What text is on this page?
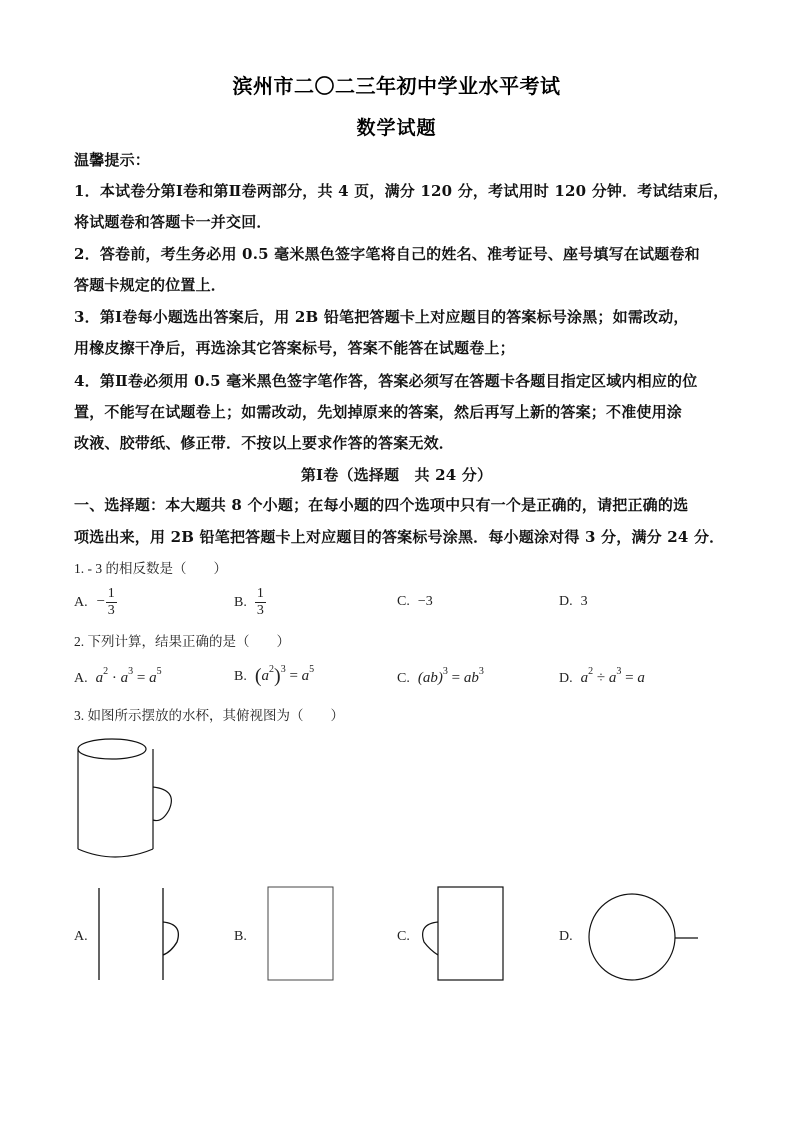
滨州市二〇二三年初中学业水平考试
数学试题
温馨提示：
1．本试卷分第Ⅰ卷和第Ⅱ卷两部分，共 4 页，满分 120 分，考试用时 120 分钟．考试结束后，
将试题卷和答题卡一并交回．
2．答卷前，考生务必用 0.5 毫米黑色签字笔将自己的姓名、准考证号、座号填写在试题卷和
答题卡规定的位置上．
3．第Ⅰ卷每小题选出答案后，用 2B 铅笔把答题卡上对应题目的答案标号涂黑；如需改动，
用橡皮擦干净后，再选涂其它答案标号，答案不能答在试题卷上；
4．第Ⅱ卷必须用 0.5 毫米黑色签字笔作答，答案必须写在答题卡各题目指定区域内相应的位
置，不能写在试题卷上；如需改动，先划掉原来的答案，然后再写上新的答案；不准使用涂
改液、胶带纸、修正带．不按以上要求作答的答案无效．
第Ⅰ卷（选择题　共 24 分）
一、选择题：本大题共 8 个小题；在每小题的四个选项中只有一个是正确的，请把正确的选
项选出来，用 2B 铅笔把答题卡上对应题目的答案标号涂黑．每小题涂对得 3 分，满分 24 分．
1. - 3 的相反数是（　　）
A. − $\frac{1}{3}$	B. $\frac{1}{3}$	C. −3	D. 3
2. 下列计算，结果正确的是（　　）
A. $a^2 \cdot a^3 = a^5$	B. $(a^2)^3 = a^5$
C. $(ab)^3 = ab^3$	D. $a^2 \div a^3 = a$
3. 如图所示摆放的水杯，其俯视图为（　　）
A.	B.	C.	D.
